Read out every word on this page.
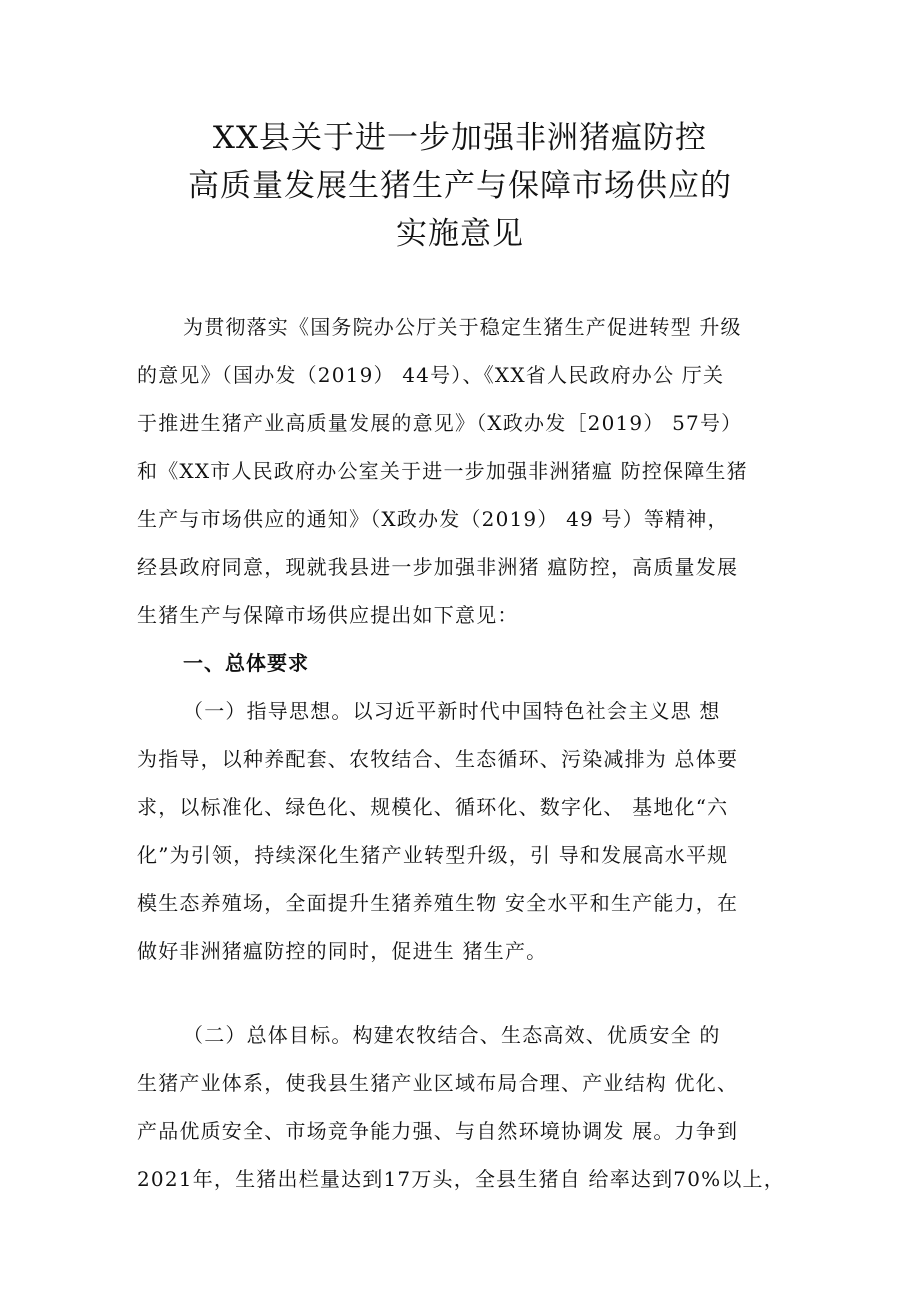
XX县关于进一步加强非洲猪瘟防控
高质量发展生猪生产与保障市场供应的
实施意见
为贯彻落实《国务院办公厅关于稳定生猪生产促进转型 升级
的意见》（国办发（2019） 44号）、《XX省人民政府办公 厅关
于推进生猪产业高质量发展的意见》（X政办发［2019） 57号）
和《XX市人民政府办公室关于进一步加强非洲猪瘟 防控保障生猪
生产与市场供应的通知》（X政办发（2019） 49 号）等精神，
经县政府同意，现就我县进一步加强非洲猪 瘟防控，高质量发展
生猪生产与保障市场供应提出如下意见：
一、总体要求
（一）指导思想。以习近平新时代中国特色社会主义思 想
为指导，以种养配套、农牧结合、生态循环、污染减排为 总体要
求，以标准化、绿色化、规模化、循环化、数字化、 基地化“六
化”为引领，持续深化生猪产业转型升级，引 导和发展高水平规
模生态养殖场，全面提升生猪养殖生物 安全水平和生产能力，在
做好非洲猪瘟防控的同时，促进生 猪生产。
（二）总体目标。构建农牧结合、生态高效、优质安全 的
生猪产业体系，使我县生猪产业区域布局合理、产业结构 优化、
产品优质安全、市场竞争能力强、与自然环境协调发 展。力争到
2021年，生猪出栏量达到17万头，全县生猪自 给率达到70%以上，
